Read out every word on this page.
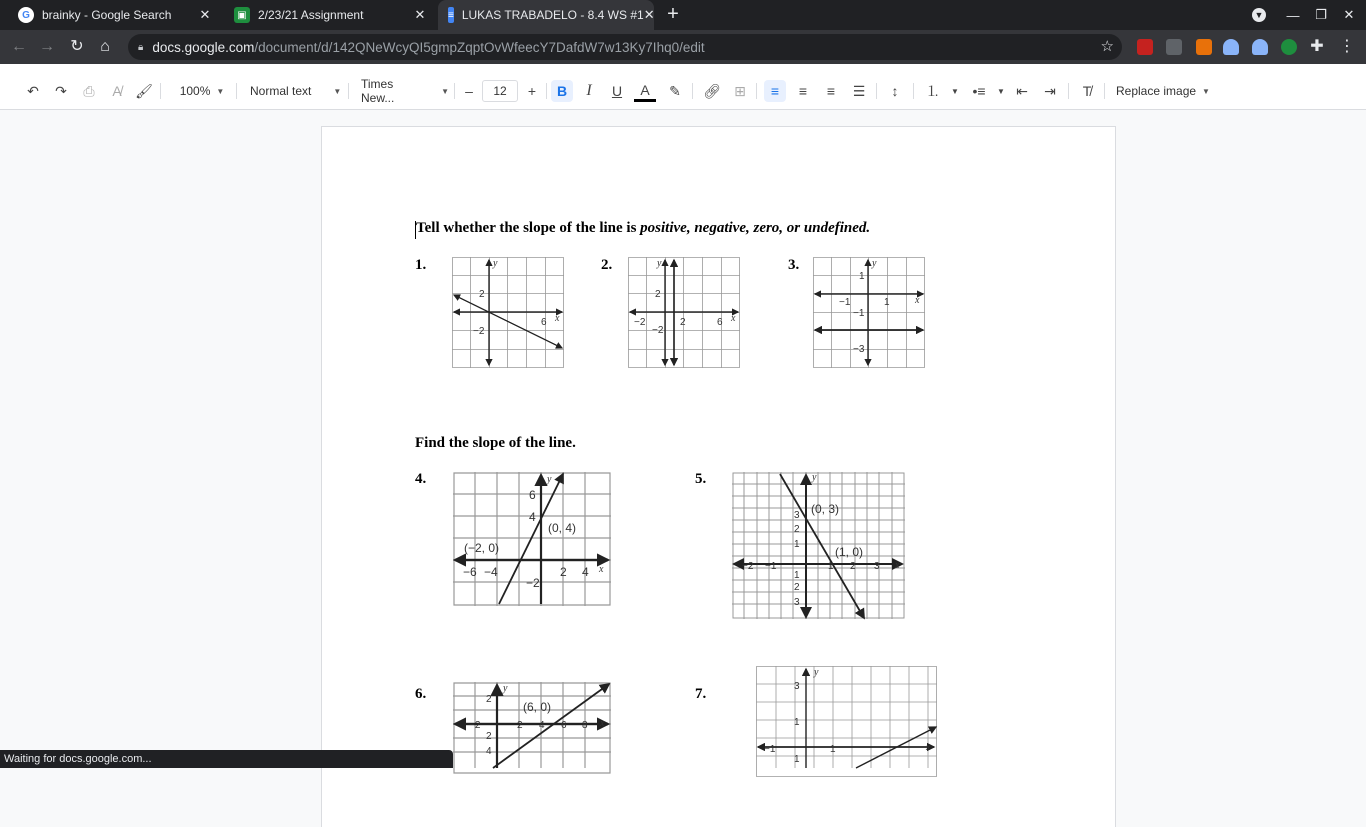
G	brainky - Google Search	✕	▣ 2/23/21 Assignment	✕ ≡ LUKAS TRABADELO - 8.4 WS #1 ✕ +	▼	—	❐	✕
← → ↻	⌂	🔒︎ docs.google.com /document/d/142QNeWcyQI5gmpZqptOvWfeecY7DafdW7w13Ky7Ihq0/edit	☆	✚ ⋮
↶	↷	⎙	A̸ 🖌︎ 100% ▼ Normal text	▼ Times New...	▼	–	12	+	B	I	U	A	✎	🔗︎ ⊞	≡	≡	≡	☰	↕	⒈	▼ •≡	▼ ⇤	⇥	T̸	Replace image ▼
Tell whether the slope of the line is positive, negative, zero, or undefined.
1.	2.	3.
y
x
2
−2
6
y
x
2
−2	2
−2
6
y
x
1
−1	1
−1
−3
Find the slope of the line.
4.	5.
y
x
(0, 4)
(−2, 0)
6
4
−2
−6 −4	2 4
y
x
(0, 3)
(1, 0)
3
2
1
−2 −1	1 2 3
1
2
3
6.	7.
y
x
(6, 0)
2
−2	2 4 6 8
2
4
y
x
3
1
−1	1
1
Waiting for docs.google.com...
